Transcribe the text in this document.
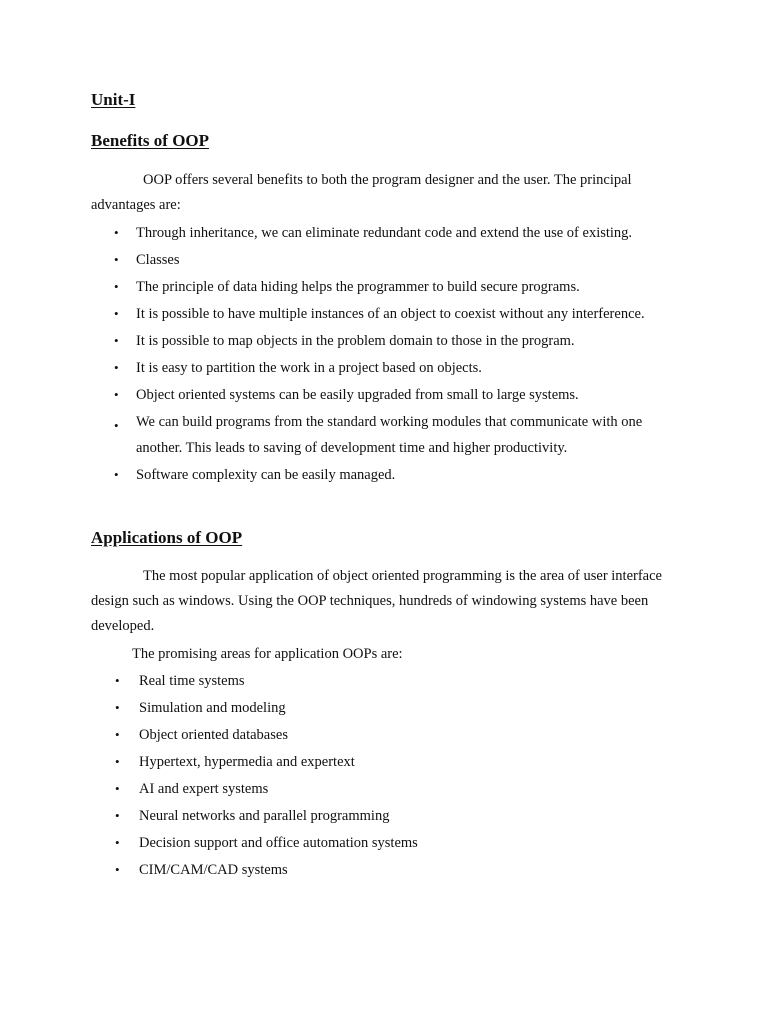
Unit-I
Benefits of OOP

OOP offers several benefits to both the program designer and the user. The principal advantages are:

• Through inheritance, we can eliminate redundant code and extend the use of existing.
• Classes
• The principle of data hiding helps the programmer to build secure programs.
• It is possible to have multiple instances of an object to coexist without any interference.
• It is possible to map objects in the problem domain to those in the program.
• It is easy to partition the work in a project based on objects.
• Object oriented systems can be easily upgraded from small to large systems.
• We can build programs from the standard working modules that communicate with one another. This leads to saving of development time and higher productivity.
• Software complexity can be easily managed.
Applications of OOP

The most popular application of object oriented programming is the area of user interface design such as windows. Using the OOP techniques, hundreds of windowing systems have been developed.

The promising areas for application OOPs are:

• Real time systems
• Simulation and modeling
• Object oriented databases
• Hypertext, hypermedia and expertext
• AI and expert systems
• Neural networks and parallel programming
• Decision support and office automation systems
• CIM/CAM/CAD systems
